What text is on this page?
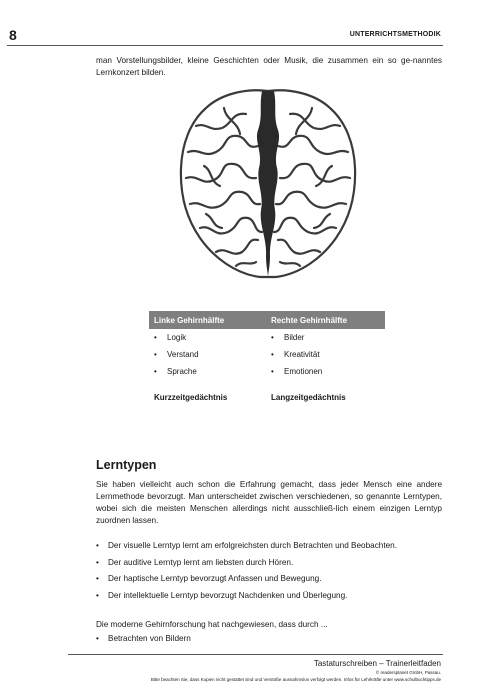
8	UNTERRICHTSMETHODIK

man Vorstellungsbilder, kleine Geschichten oder Musik, die zusammen ein so ge-nanntes Lernkonzert bilden.

Linke Gehirnhälfte	Rechte Gehirnhälfte
• Logik	• Bilder
• Verstand	• Kreativität
• Sprache	• Emotionen
Kurzzeitgedächtnis	Langzeitgedächtnis
Lerntypen

Sie haben vielleicht auch schon die Erfahrung gemacht, dass jeder Mensch eine andere Lernmethode bevorzugt. Man unterscheidet zwischen verschiedenen, so genannte Lerntypen, wobei sich die meisten Menschen allerdings nicht ausschließ-lich einem einzigen Lerntyp zuordnen lassen.

•	Der visuelle Lerntyp lernt am erfolgreichsten durch Betrachten und Beobachten.
•	Der auditive Lerntyp lernt am liebsten durch Hören.
•	Der haptische Lerntyp bevorzugt Anfassen und Bewegung.
•	Der intellektuelle Lerntyp bevorzugt Nachdenken und Überlegung.

Die moderne Gehirnforschung hat nachgewiesen, dass durch ...

•	Betrachten von Bildern
Tastaturschreiben – Trainerleitfaden
© readersplanet GmbH, Passau.
Bitte beachten Sie, dass Kopien nicht gestattet sind und Verstöße ausnahmslos verfolgt werden. Infos für Lehrkräfte unter www.schulbuchtipps.de
